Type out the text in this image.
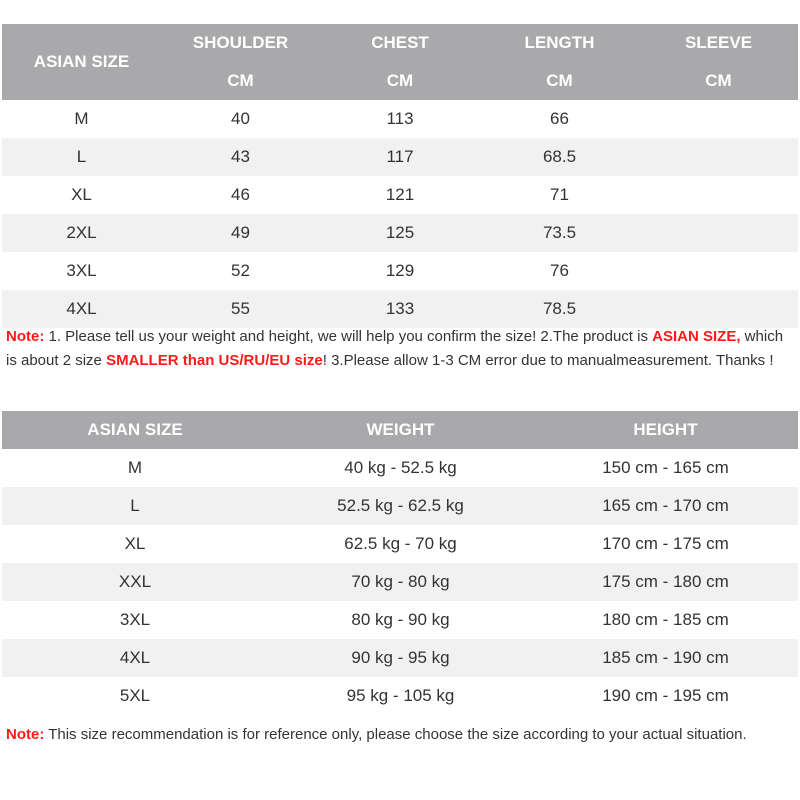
ASIAN SIZE	SHOULDER	CHEST	LENGTH	SLEEVE
	CM	CM	CM	CM
M	40	113	66	
L	43	117	68.5	
XL	46	121	71	
2XL	49	125	73.5	
3XL	52	129	76	
4XL	55	133	78.5	
Note: 1. Please tell us your weight and height, we will help you confirm the size! 2.The product is ASIAN SIZE, which is about 2 size SMALLER than US/RU/EU size! 3.Please allow 1-3 CM error due to manualmeasurement. Thanks !
ASIAN SIZE	WEIGHT	HEIGHT
M	40 kg - 52.5 kg	150 cm - 165 cm
L	52.5 kg - 62.5 kg	165 cm - 170 cm
XL	62.5 kg - 70 kg	170 cm - 175 cm
XXL	70 kg - 80 kg	175 cm - 180 cm
3XL	80 kg - 90 kg	180 cm - 185 cm
4XL	90 kg - 95 kg	185 cm - 190 cm
5XL	95 kg - 105 kg	190 cm - 195 cm
Note: This size recommendation is for reference only, please choose the size according to your actual situation.
